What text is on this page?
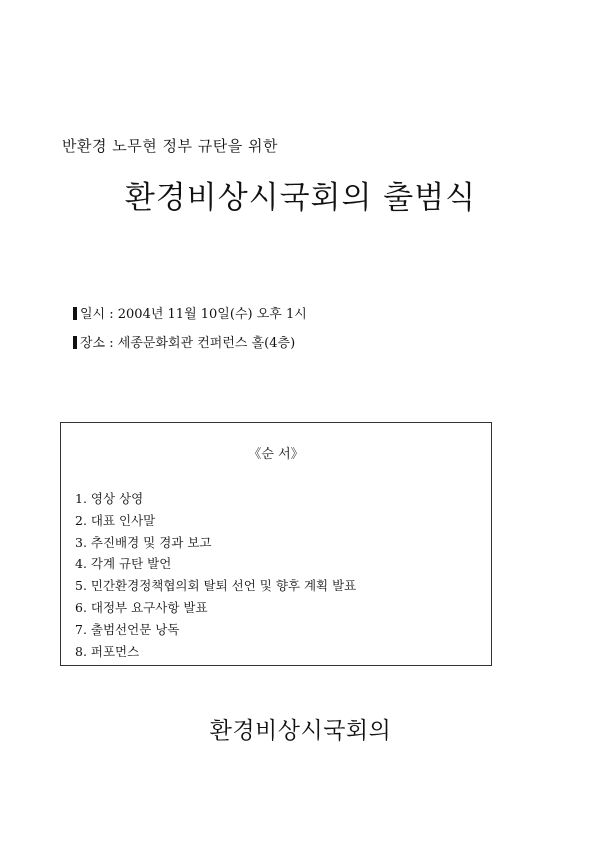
반환경 노무현 정부 규탄을 위한
환경비상시국회의 출범식
일시 : 2004년 11월 10일(수) 오후 1시
장소 : 세종문화회관 컨퍼런스 홀(4층)
《순 서》
1. 영상 상영
2. 대표 인사말
3. 추진배경 및 경과 보고
4. 각계 규탄 발언
5. 민간환경정책협의회 탈퇴 선언 및 향후 계획 발표
6. 대정부 요구사항 발표
7. 출범선언문 낭독
8. 퍼포먼스
환경비상시국회의
